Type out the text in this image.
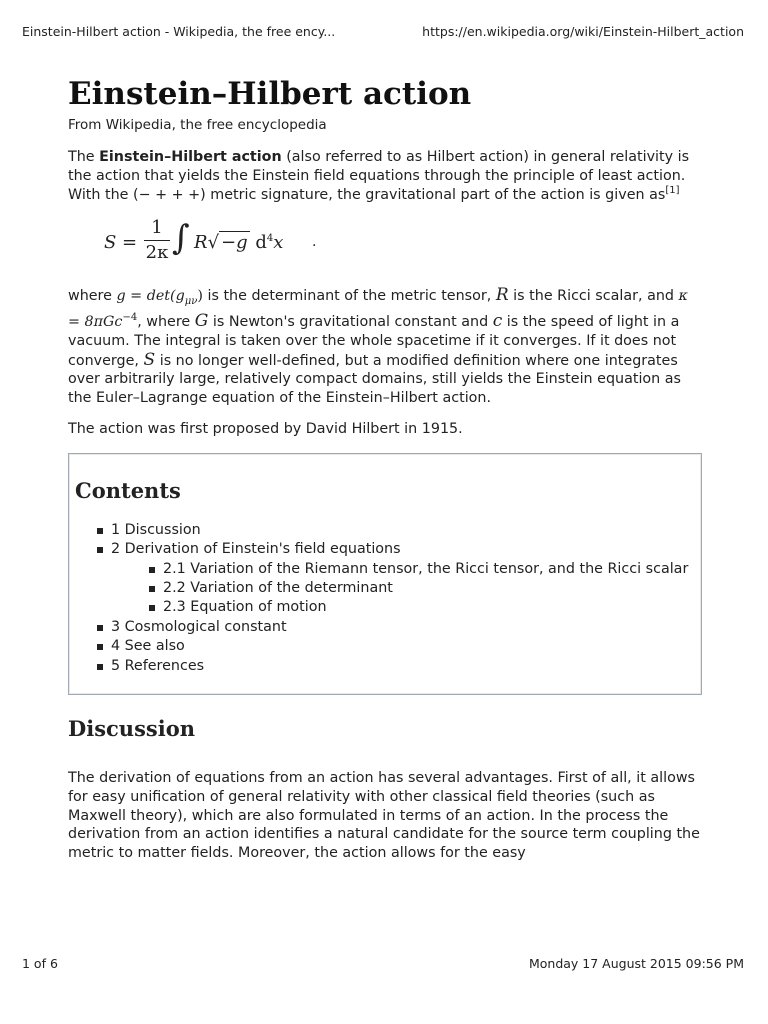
Einstein-Hilbert action - Wikipedia, the free ency...	https://en.wikipedia.org/wiki/Einstein-Hilbert_action
Einstein–Hilbert action
From Wikipedia, the free encyclopedia

The Einstein–Hilbert action (also referred to as Hilbert action) in general relativity is the action that yields the Einstein field equations through the principle of least action. With the (− + + +) metric signature, the gravitational part of the action is given as[1]

$S = \frac{1}{2\kappa}$ ∫ R√ −g $d^4x$ .

where $g = \det(g_{\mu\nu})$ is the determinant of the metric tensor, R is the Ricci scalar, and κ = 8πGc$^{-4}$, where G is Newton's gravitational constant and c is the speed of light in a vacuum. The integral is taken over the whole spacetime if it converges. If it does not converge, S is no longer well-defined, but a modified definition where one integrates over arbitrarily large, relatively compact domains, still yields the Einstein equation as the Euler–Lagrange equation of the Einstein–Hilbert action.

The action was first proposed by David Hilbert in 1915.

Contents
1 Discussion
2 Derivation of Einstein's field equations
2.1 Variation of the Riemann tensor, the Ricci tensor, and the Ricci scalar
2.2 Variation of the determinant
2.3 Equation of motion
3 Cosmological constant
4 See also
5 References
Discussion

The derivation of equations from an action has several advantages. First of all, it allows for easy unification of general relativity with other classical field theories (such as Maxwell theory), which are also formulated in terms of an action. In the process the derivation from an action identifies a natural candidate for the source term coupling the metric to matter fields. Moreover, the action allows for the easy

1 of 6	Monday 17 August 2015 09:56 PM
